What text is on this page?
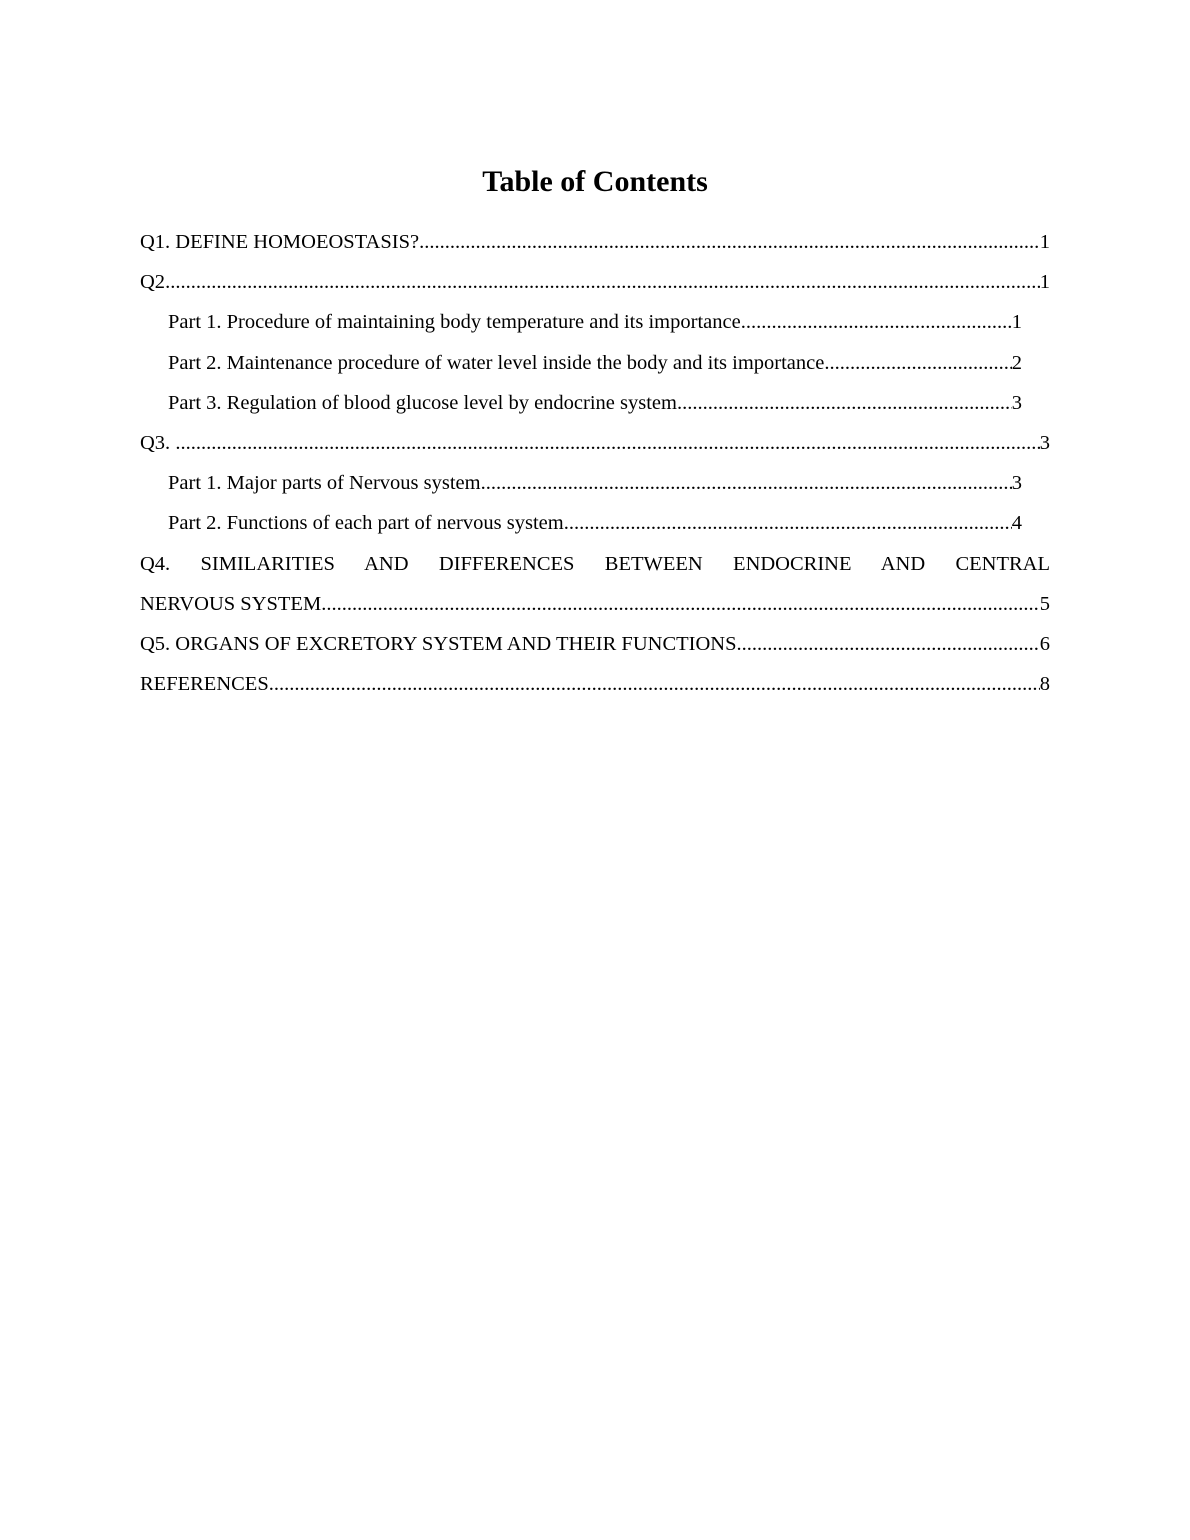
Table of Contents
Q1. DEFINE HOMOEOSTASIS? .....	1
Q2 .....	1
Part 1. Procedure of maintaining body temperature and its importance .....	1
Part 2. Maintenance procedure of water level inside the body and its importance .....	2
Part 3. Regulation of blood glucose level by endocrine system .....	3
Q3. .....	3
Part 1. Major parts of Nervous system .....	3
Part 2. Functions of each part of nervous system .....	4
Q4. SIMILARITIES AND DIFFERENCES BETWEEN ENDOCRINE AND CENTRAL
NERVOUS SYSTEM .....	5
Q5. ORGANS OF EXCRETORY SYSTEM AND THEIR FUNCTIONS .....	6
REFERENCES .....	8
